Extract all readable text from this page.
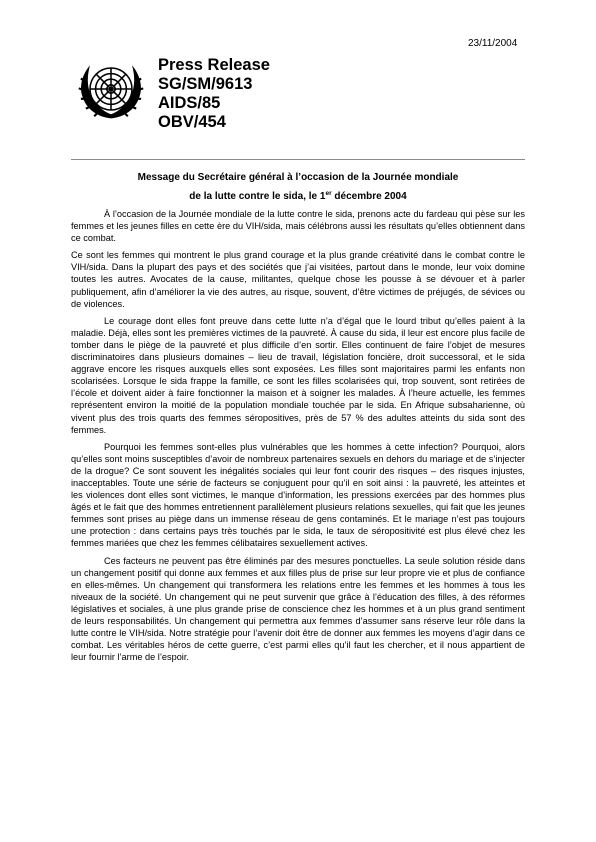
23/11/2004
Press Release
SG/SM/9613
AIDS/85
OBV/454
Message du Secrétaire général à l’occasion de la Journée mondiale
de la lutte contre le sida, le 1er décembre 2004

À l’occasion de la Journée mondiale de la lutte contre le sida, prenons acte du fardeau qui pèse sur les femmes et les jeunes filles en cette ère du VIH/sida, mais célébrons aussi les résultats qu’elles obtiennent dans ce combat.

Ce sont les femmes qui montrent le plus grand courage et la plus grande créativité dans le combat contre le VIH/sida. Dans la plupart des pays et des sociétés que j’ai visitées, partout dans le monde, leur voix domine toutes les autres. Avocates de la cause, militantes, quelque chose les pousse à se dévouer et à parler publiquement, afin d’améliorer la vie des autres, au risque, souvent, d’être victimes de préjugés, de sévices ou de violences.

Le courage dont elles font preuve dans cette lutte n’a d’égal que le lourd tribut qu’elles paient à la maladie. Déjà, elles sont les premières victimes de la pauvreté. À cause du sida, il leur est encore plus facile de tomber dans le piège de la pauvreté et plus difficile d’en sortir. Elles continuent de faire l’objet de mesures discriminatoires dans plusieurs domaines – lieu de travail, législation foncière, droit successoral, et le sida aggrave encore les risques auxquels elles sont exposées. Les filles sont majoritaires parmi les enfants non scolarisées. Lorsque le sida frappe la famille, ce sont les filles scolarisées qui, trop souvent, sont retirées de l’école et doivent aider à faire fonctionner la maison et à soigner les malades. À l’heure actuelle, les femmes représentent environ la moitié de la population mondiale touchée par le sida. En Afrique subsaharienne, où vivent plus des trois quarts des femmes séropositives, près de 57 % des adultes atteints du sida sont des femmes.

Pourquoi les femmes sont-elles plus vulnérables que les hommes à cette infection? Pourquoi, alors qu’elles sont moins susceptibles d’avoir de nombreux partenaires sexuels en dehors du mariage et de s’injecter de la drogue? Ce sont souvent les inégalités sociales qui leur font courir des risques – des risques injustes, inacceptables. Toute une série de facteurs se conjuguent pour qu’il en soit ainsi : la pauvreté, les atteintes et les violences dont elles sont victimes, le manque d’information, les pressions exercées par des hommes plus âgés et le fait que des hommes entretiennent parallèlement plusieurs relations sexuelles, qui fait que les jeunes femmes sont prises au piège dans un immense réseau de gens contaminés. Et le mariage n’est pas toujours une protection : dans certains pays très touchés par le sida, le taux de séropositivité est plus élevé chez les femmes mariées que chez les femmes célibataires sexuellement actives.

Ces facteurs ne peuvent pas être éliminés par des mesures ponctuelles. La seule solution réside dans un changement positif qui donne aux femmes et aux filles plus de prise sur leur propre vie et plus de confiance en elles-mêmes. Un changement qui transformera les relations entre les femmes et les hommes à tous les niveaux de la société. Un changement qui ne peut survenir que grâce à l’éducation des filles, à des réformes législatives et sociales, à une plus grande prise de conscience chez les hommes et à un plus grand sentiment de leurs responsabilités. Un changement qui permettra aux femmes d’assumer sans réserve leur rôle dans la lutte contre le VIH/sida. Notre stratégie pour l’avenir doit être de donner aux femmes les moyens d’agir dans ce combat. Les véritables héros de cette guerre, c’est parmi elles qu’il faut les chercher, et il nous appartient de leur fournir l’arme de l’espoir.
